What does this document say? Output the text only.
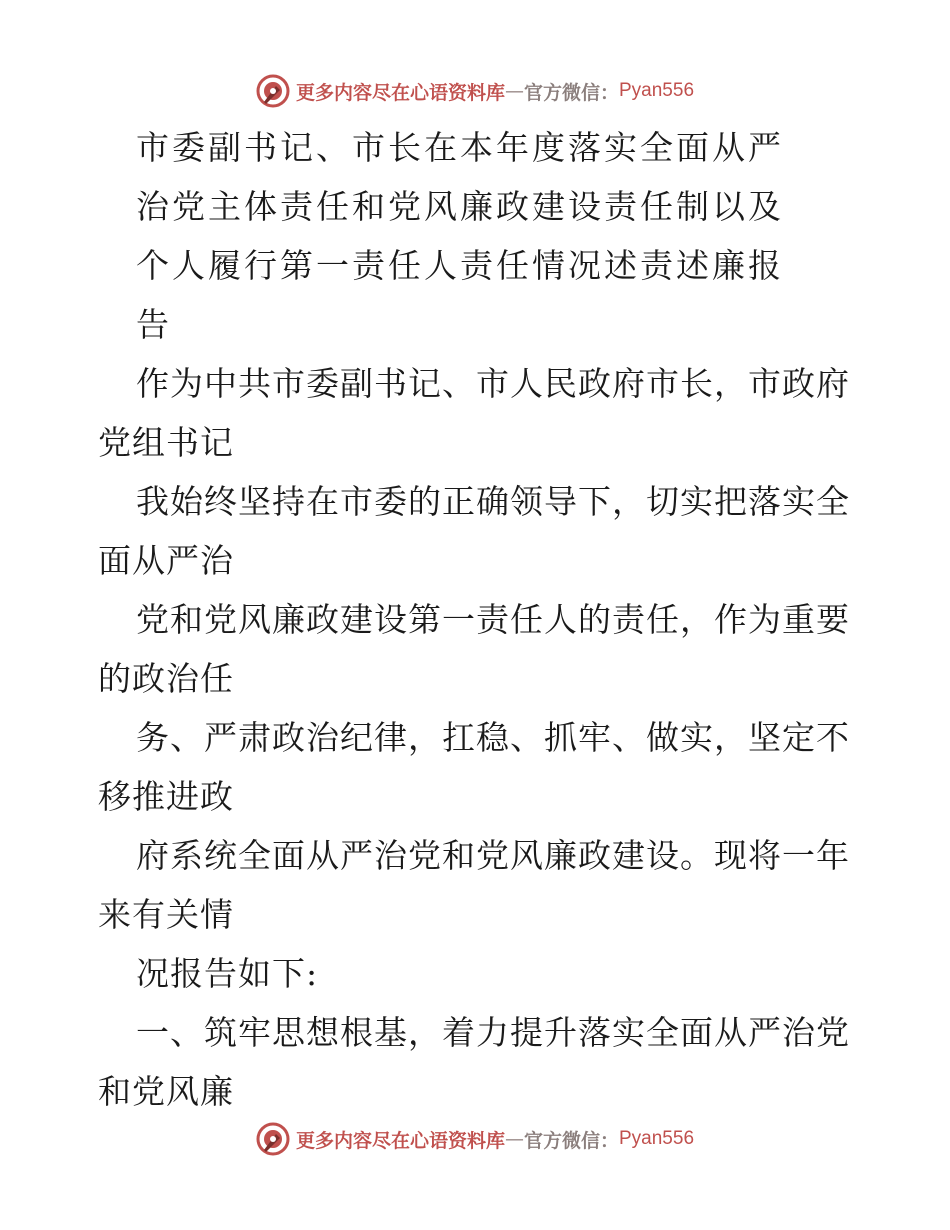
更多内容尽在心语资料库 — 官方微信： Pyan556
市委副书记、市长在本年度落实全面从严
治党主体责任和党风廉政建设责任制以及
个人履行第一责任人责任情况述责述廉报
告
作为中共市委副书记、市人民政府市长，市政府
党组书记
我始终坚持在市委的正确领导下，切实把落实全
面从严治
党和党风廉政建设第一责任人的责任，作为重要
的政治任
务、严肃政治纪律，扛稳、抓牢、做实，坚定不
移推进政
府系统全面从严治党和党风廉政建设。现将一年
来有关情
况报告如下:
一、筑牢思想根基，着力提升落实全面从严治党
和党风廉
更多内容尽在心语资料库 — 官方微信： Pyan556
